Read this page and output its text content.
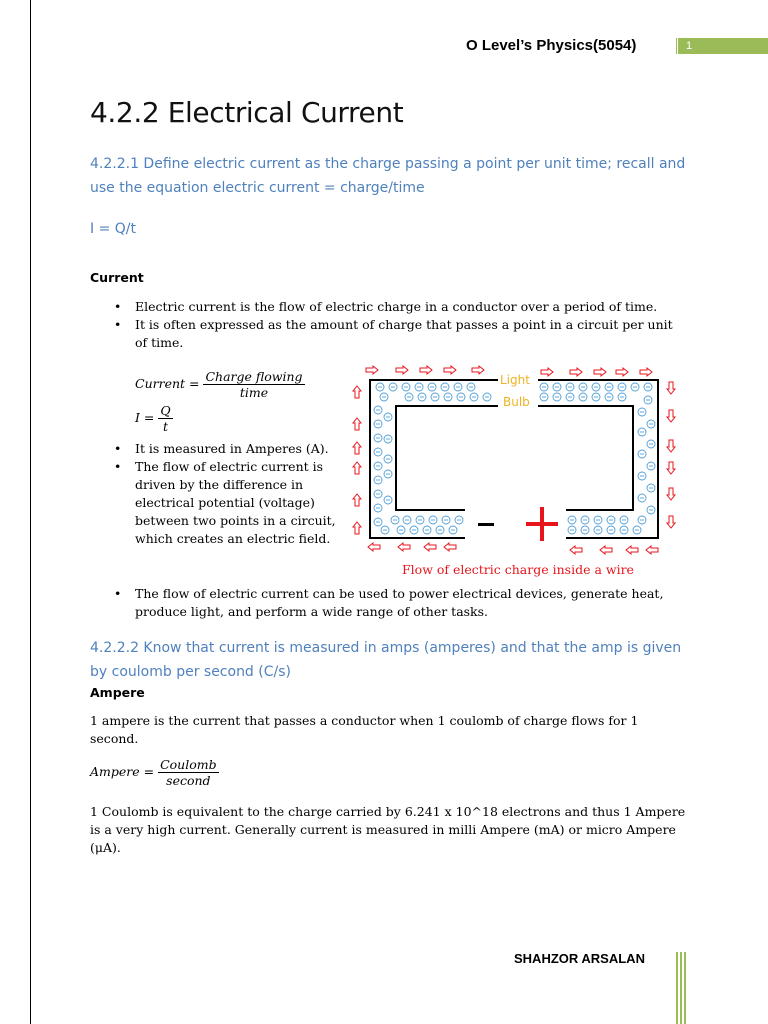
O Level’s Physics(5054)	1
4.2.2 Electrical Current
4.2.2.1 Define electric current as the charge passing a point per unit time; recall and use the equation electric current = charge/time
I = Q/t
Current
• Electric current is the flow of electric charge in a conductor over a period of time.
• It is often expressed as the amount of charge that passes a point in a circuit per unit of time.
Current = $\frac{\text{Charge flowing}}{\text{time}}$
$I = \frac{Q}{t}$
• It is measured in Amperes (A).
• The flow of electric current is driven by the difference in electrical potential (voltage) between two points in a circuit, which creates an electric field.
• The flow of electric current can be used to power electrical devices, generate heat, produce light, and perform a wide range of other tasks.
Light
Bulb
Flow of electric charge inside a wire
4.2.2.2 Know that current is measured in amps (amperes) and that the amp is given by coulomb per second (C/s)
Ampere
1 ampere is the current that passes a conductor when 1 coulomb of charge flows for 1 second.
Ampere = $\frac{\text{Coulomb}}{\text{second}}$
1 Coulomb is equivalent to the charge carried by 6.241 x 10^18 electrons and thus 1 Ampere is a very high current. Generally current is measured in milli Ampere (mA) or micro Ampere (μA).
SHAHZOR ARSALAN
